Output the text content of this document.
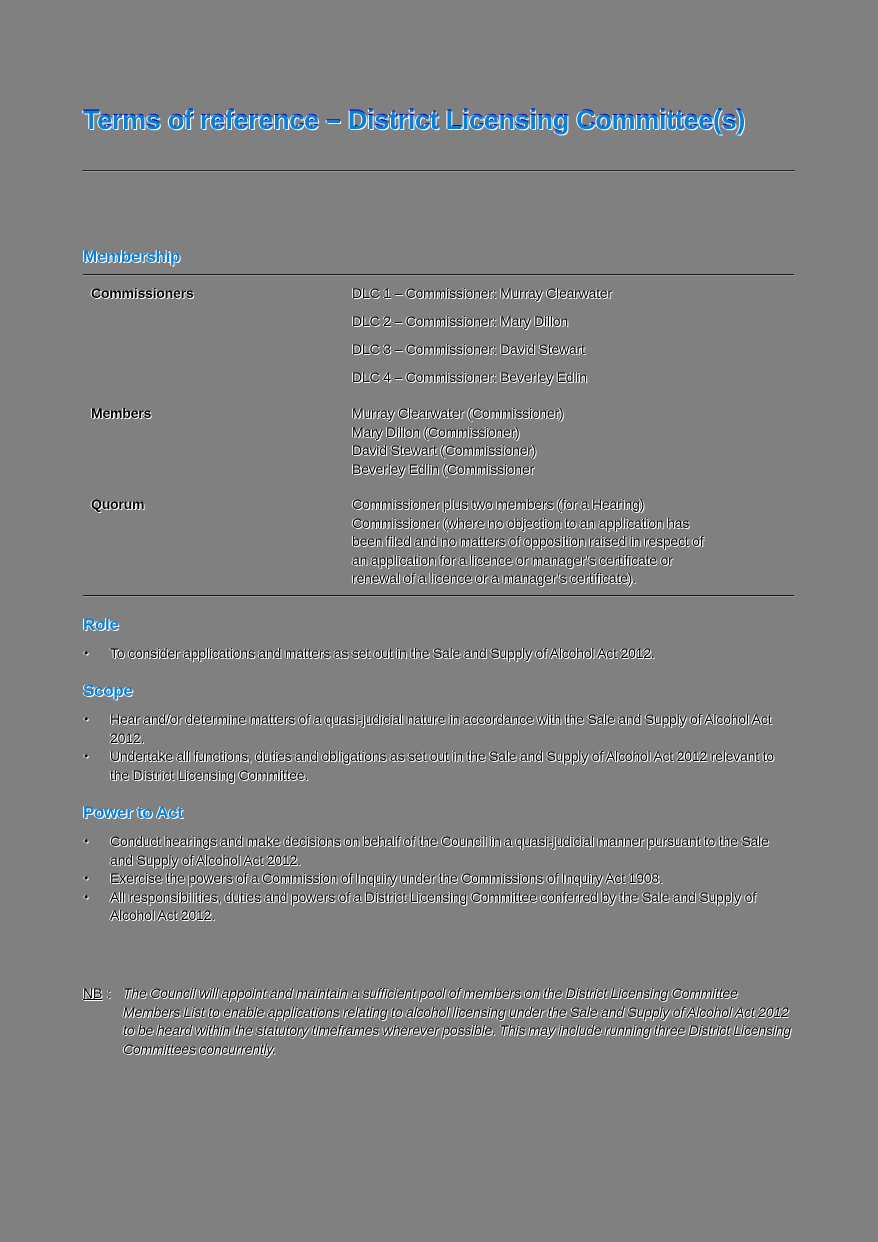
Terms of reference – District Licensing Committee(s)
Membership
Commissioners	DLC 1 – Commissioner: Murray Clearwater
DLC 2 – Commissioner: Mary Dillon
DLC 3 – Commissioner: David Stewart
DLC 4 – Commissioner: Beverley Edlin
Members	Murray Clearwater (Commissioner)
Mary Dillon (Commissioner)
David Stewart (Commissioner)
Beverley Edlin (Commissioner
Quorum	Commissioner plus two members (for a Hearing)
Commissioner (where no objection to an application has
been filed and no matters of opposition raised in respect of
an application for a licence or manager’s certificate or
renewal of a licence or a manager’s certificate).
Role
• To consider applications and matters as set out in the Sale and Supply of Alcohol Act 2012.
Scope
• Hear and/or determine matters of a quasi-judicial nature in accordance with the Sale and Supply of Alcohol Act 2012.
• Undertake all functions, duties and obligations as set out in the Sale and Supply of Alcohol Act 2012 relevant to the District Licensing Committee.
Power to Act
• Conduct hearings and make decisions on behalf of the Council in a quasi-judicial manner pursuant to the Sale and Supply of Alcohol Act 2012.
• Exercise the powers of a Commission of Inquiry under the Commissions of Inquiry Act 1908.
• All responsibilities, duties and powers of a District Licensing Committee conferred by the Sale and Supply of Alcohol Act 2012.
NB : The Council will appoint and maintain a sufficient pool of members on the District Licensing Committee Members List to enable applications relating to alcohol licensing under the Sale and Supply of Alcohol Act 2012 to be heard within the statutory timeframes wherever possible. This may include running three District Licensing Committees concurrently.
